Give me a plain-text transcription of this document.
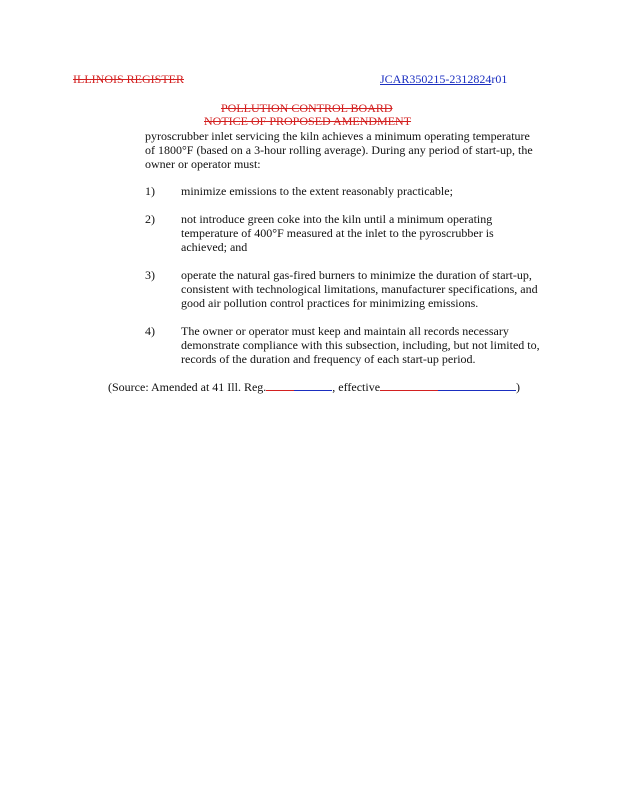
ILLINOIS REGISTER	JCAR350215-2312824r01
POLLUTION CONTROL BOARD
NOTICE OF PROPOSED AMENDMENT
pyroscrubber inlet servicing the kiln achieves a minimum operating temperature
of 1800°F (based on a 3-hour rolling average). During any period of start-up, the
owner or operator must:
1) minimize emissions to the extent reasonably practicable;
2) not introduce green coke into the kiln until a minimum operating
temperature of 400°F measured at the inlet to the pyroscrubber is
achieved; and
3) operate the natural gas-fired burners to minimize the duration of start-up,
consistent with technological limitations, manufacturer specifications, and
good air pollution control practices for minimizing emissions.
4) The owner or operator must keep and maintain all records necessary
demonstrate compliance with this subsection, including, but not limited to,
records of the duration and frequency of each start-up period.
(Source: Amended at 41 Ill. Reg.	, effective	)
